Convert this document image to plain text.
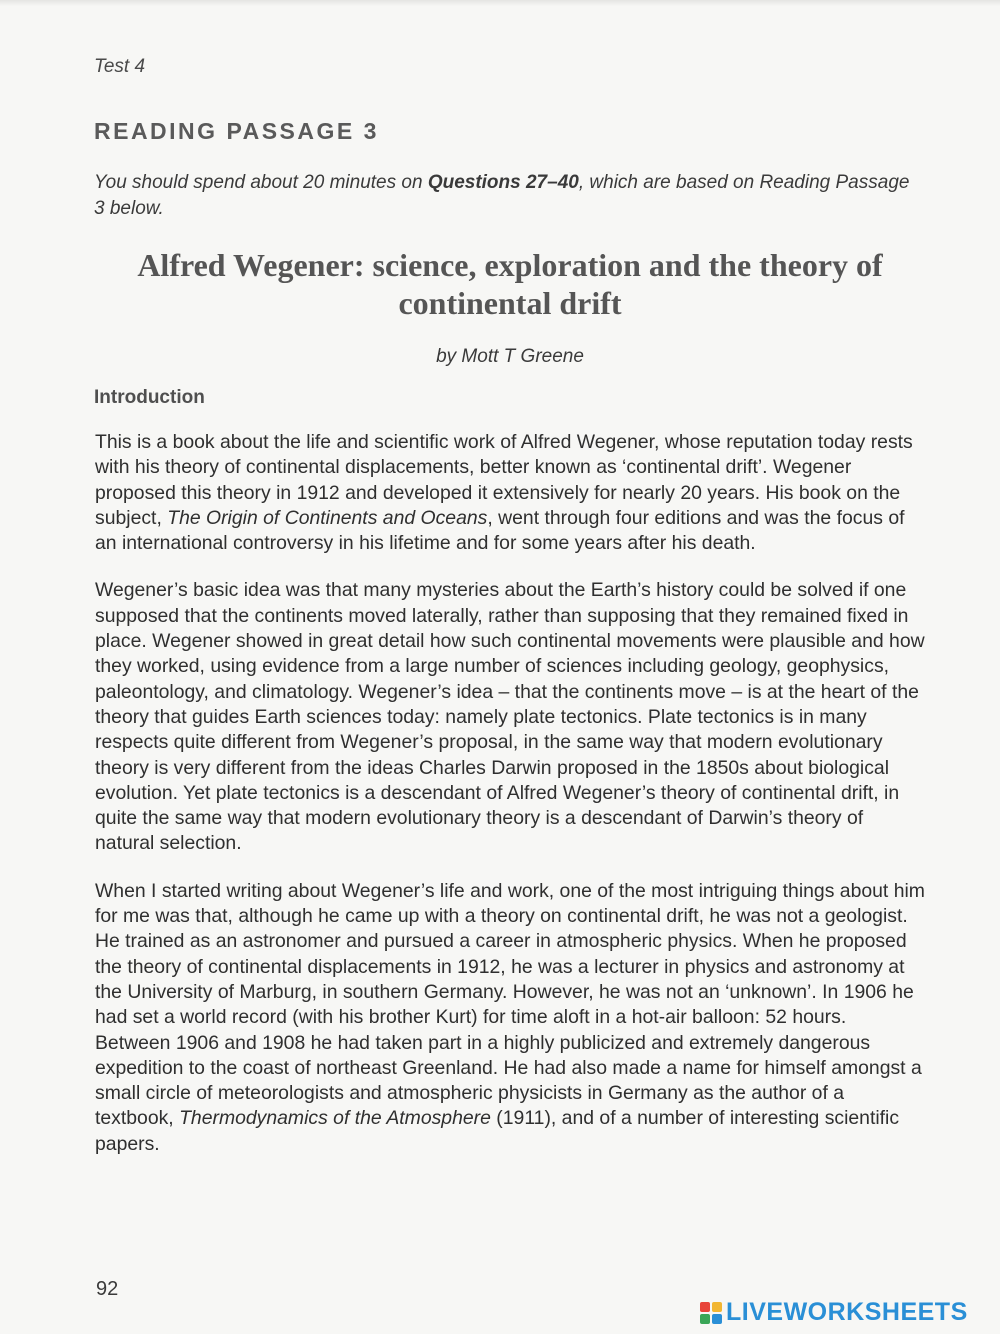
Test 4
READING PASSAGE 3
You should spend about 20 minutes on Questions 27–40, which are based on Reading Passage 3 below.
Alfred Wegener: science, exploration and the theory of continental drift
by Mott T Greene
Introduction

This is a book about the life and scientific work of Alfred Wegener, whose reputation today rests with his theory of continental displacements, better known as ‘continental drift’. Wegener proposed this theory in 1912 and developed it extensively for nearly 20 years. His book on the subject, The Origin of Continents and Oceans, went through four editions and was the focus of an international controversy in his lifetime and for some years after his death.

Wegener’s basic idea was that many mysteries about the Earth’s history could be solved if one supposed that the continents moved laterally, rather than supposing that they remained fixed in place. Wegener showed in great detail how such continental movements were plausible and how they worked, using evidence from a large number of sciences including geology, geophysics, paleontology, and climatology. Wegener’s idea – that the continents move – is at the heart of the theory that guides Earth sciences today: namely plate tectonics. Plate tectonics is in many respects quite different from Wegener’s proposal, in the same way that modern evolutionary theory is very different from the ideas Charles Darwin proposed in the 1850s about biological evolution. Yet plate tectonics is a descendant of Alfred Wegener’s theory of continental drift, in quite the same way that modern evolutionary theory is a descendant of Darwin’s theory of natural selection.

When I started writing about Wegener’s life and work, one of the most intriguing things about him for me was that, although he came up with a theory on continental drift, he was not a geologist. He trained as an astronomer and pursued a career in atmospheric physics. When he proposed the theory of continental displacements in 1912, he was a lecturer in physics and astronomy at the University of Marburg, in southern Germany. However, he was not an ‘unknown’. In 1906 he had set a world record (with his brother Kurt) for time aloft in a hot-air balloon: 52 hours. Between 1906 and 1908 he had taken part in a highly publicized and extremely dangerous expedition to the coast of northeast Greenland. He had also made a name for himself amongst a small circle of meteorologists and atmospheric physicists in Germany as the author of a textbook, Thermodynamics of the Atmosphere (1911), and of a number of interesting scientific papers.

92
LIVEWORKSHEETS
